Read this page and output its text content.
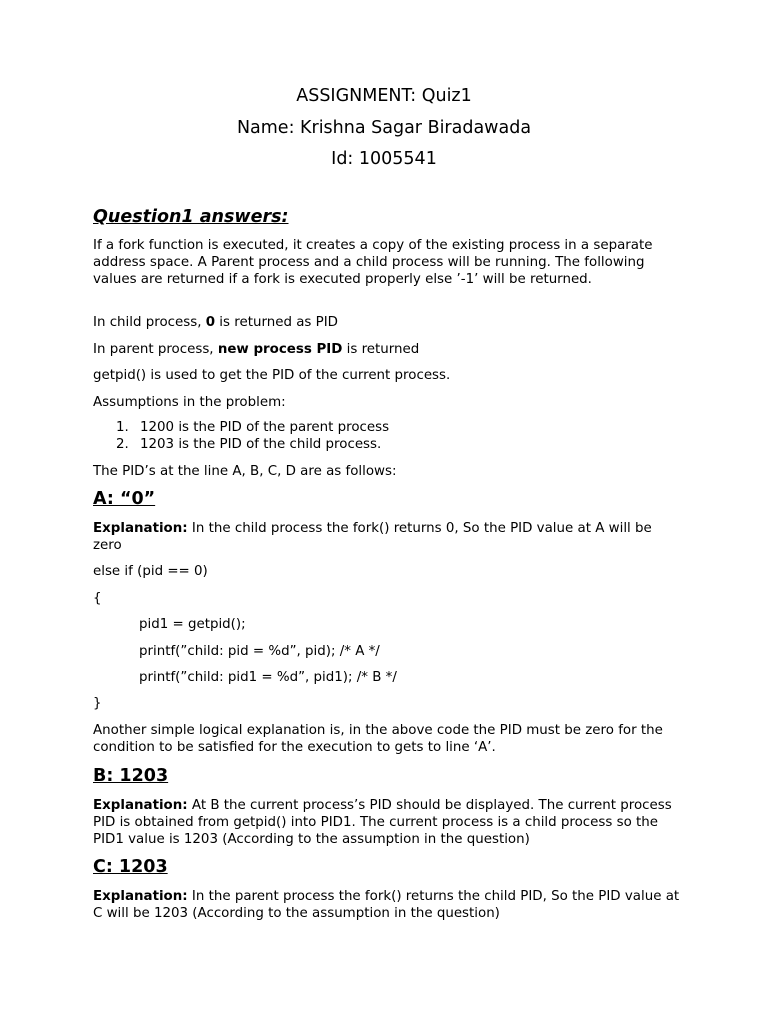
ASSIGNMENT: Quiz1
Name: Krishna Sagar Biradawada
Id: 1005541
Question1 answers:
If a fork function is executed, it creates a copy of the existing process in a separate address space. A Parent process and a child process will be running. The following values are returned if a fork is executed properly else ’-1’ will be returned.
In child process, 0 is returned as PID
In parent process, new process PID is returned
getpid() is used to get the PID of the current process.
Assumptions in the problem:
1. 1200 is the PID of the parent process
2. 1203 is the PID of the child process.
The PID’s at the line A, B, C, D are as follows:
A: “0”
Explanation: In the child process the fork() returns 0, So the PID value at A will be zero
else if (pid == 0)
{
pid1 = getpid();
printf(”child: pid = %d”, pid); /* A */
printf(”child: pid1 = %d”, pid1); /* B */
}
Another simple logical explanation is, in the above code the PID must be zero for the condition to be satisfied for the execution to gets to line ‘A’.
B: 1203
Explanation: At B the current process’s PID should be displayed. The current process PID is obtained from getpid() into PID1. The current process is a child process so the PID1 value is 1203 (According to the assumption in the question)
C: 1203
Explanation: In the parent process the fork() returns the child PID, So the PID value at C will be 1203 (According to the assumption in the question)
